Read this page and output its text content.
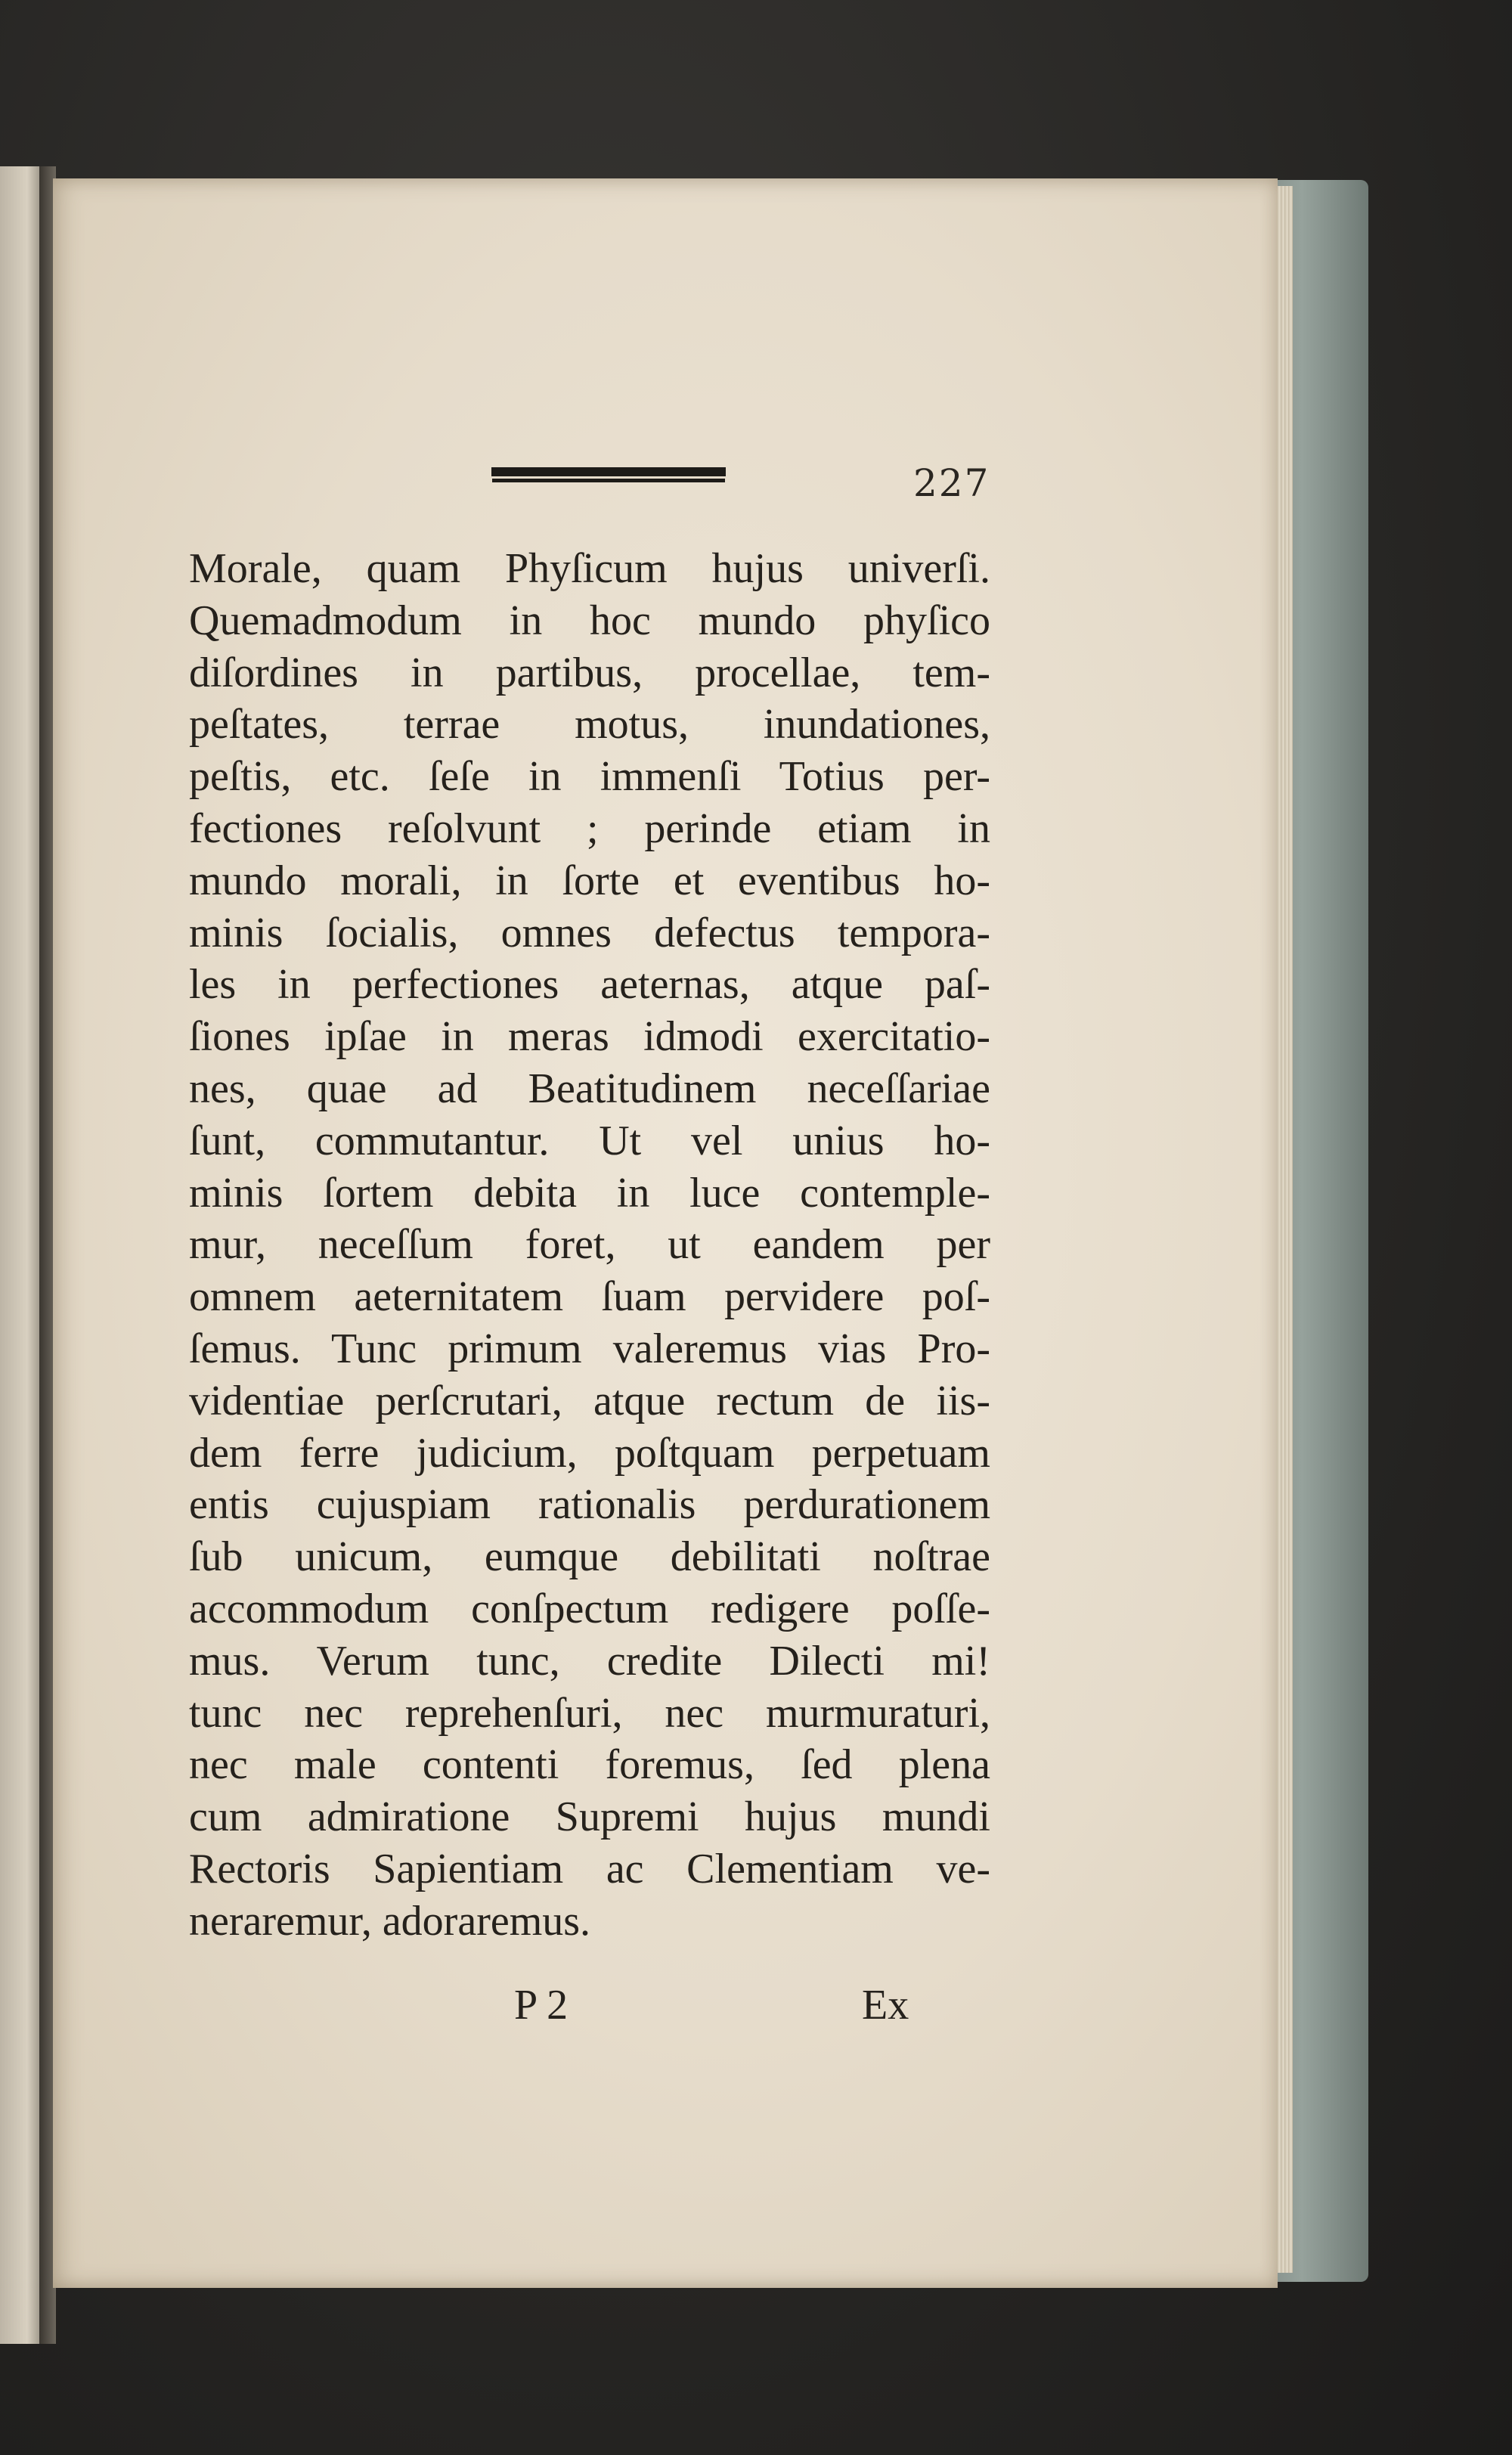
227
Morale, quam Phyſicum hujus univerſi.
Quemadmodum in hoc mundo phyſico
diſordines in partibus, procellae, tem-
peſtates, terrae motus, inundationes,
peſtis, etc. ſeſe in immenſi Totius per-
fectiones reſolvunt ; perinde etiam in
mundo morali, in ſorte et eventibus ho-
minis ſocialis, omnes defectus tempora-
les in perfectiones aeternas, atque paſ-
ſiones ipſae in meras idmodi exercitatio-
nes, quae ad Beatitudinem neceſſariae
ſunt, commutantur. Ut vel unius ho-
minis ſortem debita in luce contemple-
mur, neceſſum foret, ut eandem per
omnem aeternitatem ſuam pervidere poſ-
ſemus. Tunc primum valeremus vias Pro-
videntiae perſcrutari, atque rectum de iis-
dem ferre judicium, poſtquam perpetuam
entis cujuspiam rationalis perdurationem
ſub unicum, eumque debilitati noſtrae
accommodum conſpectum redigere poſſe-
mus. Verum tunc, credite Dilecti mi!
tunc nec reprehenſuri, nec murmuraturi,
nec male contenti foremus, ſed plena
cum admiratione Supremi hujus mundi
Rectoris Sapientiam ac Clementiam ve-
neraremur, adoraremus.
P 2	Ex
